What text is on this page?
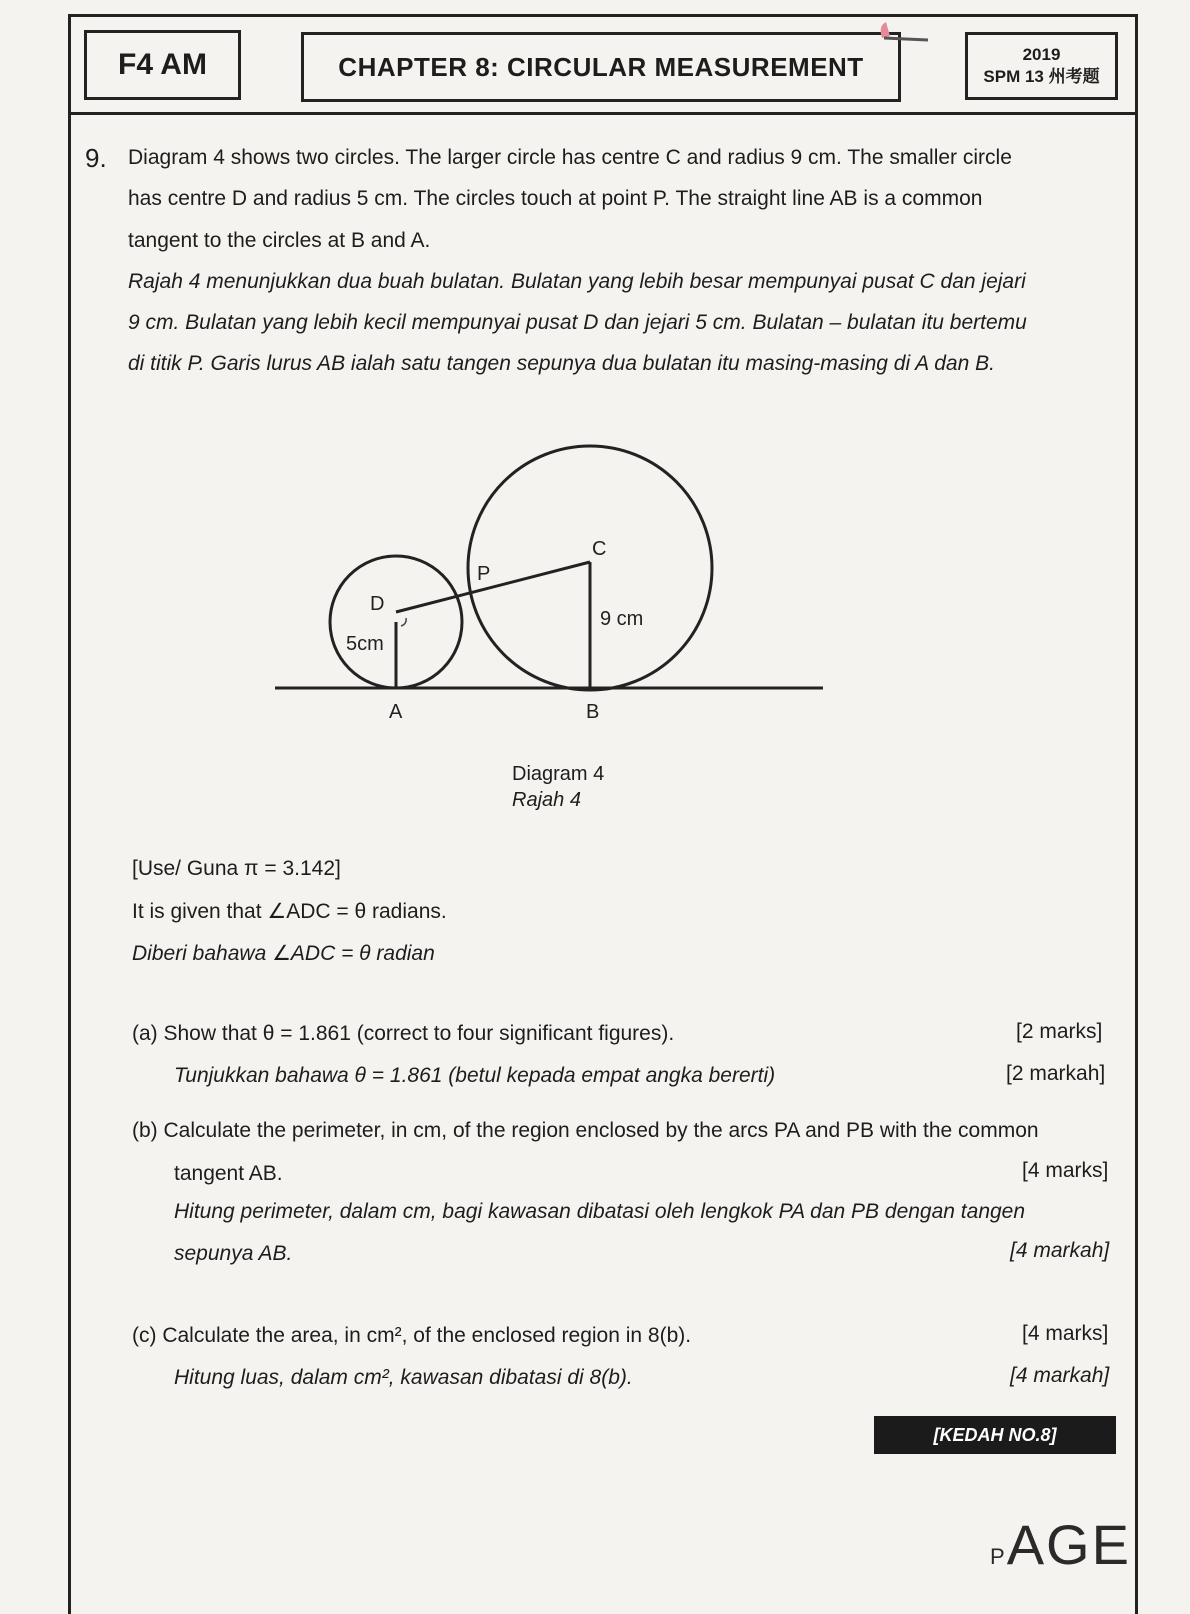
F4 AM	CHAPTER 8: CIRCULAR MEASUREMENT	2019
SPM 13 州考题
9. Diagram 4 shows two circles. The larger circle has centre C and radius 9 cm. The smaller circle
has centre D and radius 5 cm. The circles touch at point P. The straight line AB is a common
tangent to the circles at B and A.
Rajah 4 menunjukkan dua buah bulatan. Bulatan yang lebih besar mempunyai pusat C dan jejari
9 cm. Bulatan yang lebih kecil mempunyai pusat D dan jejari 5 cm. Bulatan – bulatan itu bertemu
di titik P. Garis lurus AB ialah satu tangen sepunya dua bulatan itu masing-masing di A dan B.
C
P
D
A	B
9 cm
5cm
Diagram 4
Rajah 4
[Use/ Guna π = 3.142]
It is given that ∠ADC = θ radians.
Diberi bahawa ∠ADC = θ radian
(a) Show that θ = 1.861 (correct to four significant figures).	[2 marks]
Tunjukkan bahawa θ = 1.861 (betul kepada empat angka bererti)	[2 markah]
(b) Calculate the perimeter, in cm, of the region enclosed by the arcs PA and PB with the common
tangent AB.	[4 marks]
Hitung perimeter, dalam cm, bagi kawasan dibatasi oleh lengkok PA dan PB dengan tangen
sepunya AB.	[4 markah]
(c) Calculate the area, in cm², of the enclosed region in 8(b).	[4 marks]
Hitung luas, dalam cm², kawasan dibatasi di 8(b).	[4 markah]
[KEDAH NO.8]
PAGE
